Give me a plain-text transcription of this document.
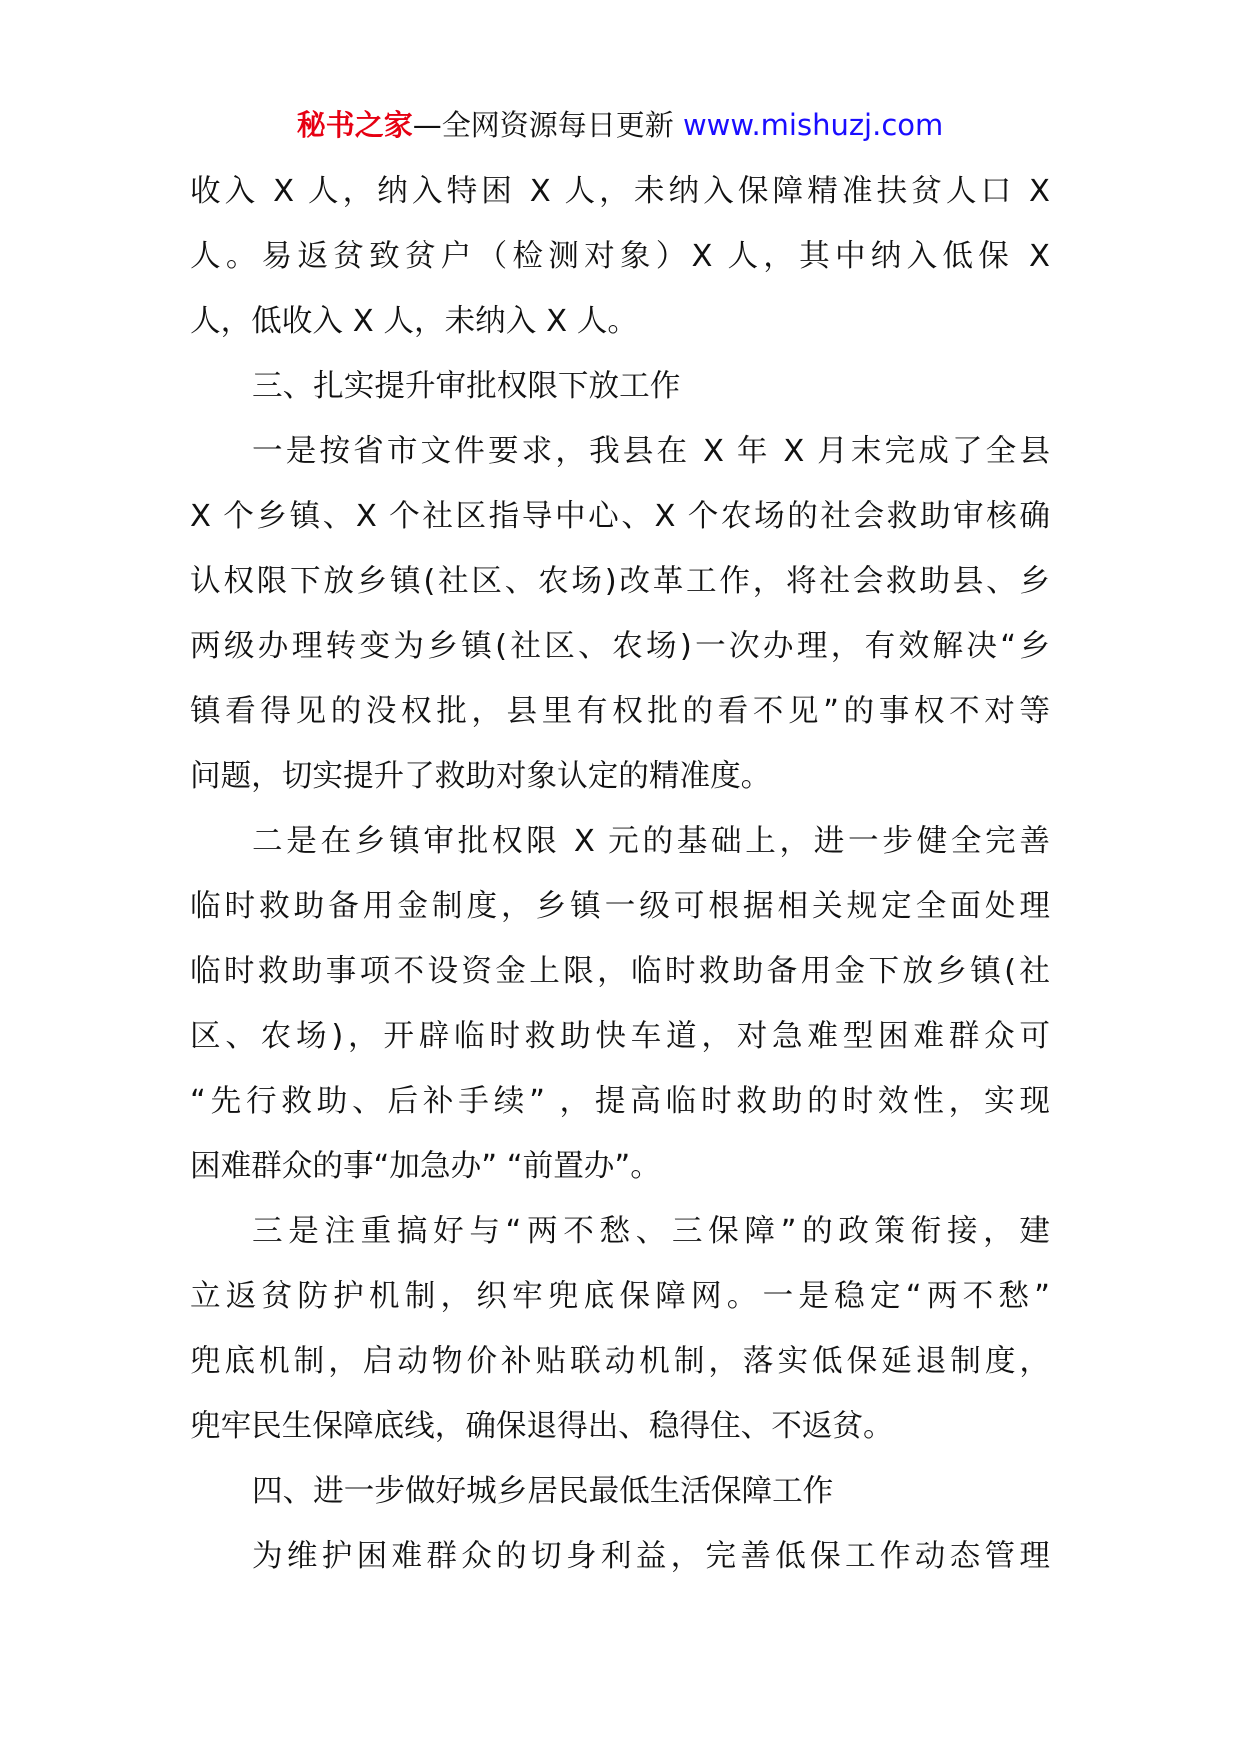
秘书之家—全网资源每日更新 www.mishuzj.com
收入 X 人，纳入特困 X 人，未纳入保障精准扶贫人口 X
人。易返贫致贫户（检测对象）X 人，其中纳入低保 X
人，低收入 X 人，未纳入 X 人。
三、扎实提升审批权限下放工作
一是按省市文件要求，我县在 X 年 X 月末完成了全县
X 个乡镇、X 个社区指导中心、X 个农场的社会救助审核确
认权限下放乡镇(社区、农场)改革工作，将社会救助县、乡
两级办理转变为乡镇(社区、农场)一次办理，有效解决“乡
镇看得见的没权批，县里有权批的看不见”的事权不对等
问题，切实提升了救助对象认定的精准度。
二是在乡镇审批权限 X 元的基础上，进一步健全完善
临时救助备用金制度，乡镇一级可根据相关规定全面处理
临时救助事项不设资金上限，临时救助备用金下放乡镇(社
区、农场)，开辟临时救助快车道，对急难型困难群众可
“先行救助、后补手续” ，提高临时救助的时效性，实现
困难群众的事“加急办” “前置办”。
三是注重搞好与“两不愁、三保障”的政策衔接，建
立返贫防护机制，织牢兜底保障网。一是稳定“两不愁”
兜底机制，启动物价补贴联动机制，落实低保延退制度，
兜牢民生保障底线，确保退得出、稳得住、不返贫。
四、进一步做好城乡居民最低生活保障工作
为维护困难群众的切身利益，完善低保工作动态管理
